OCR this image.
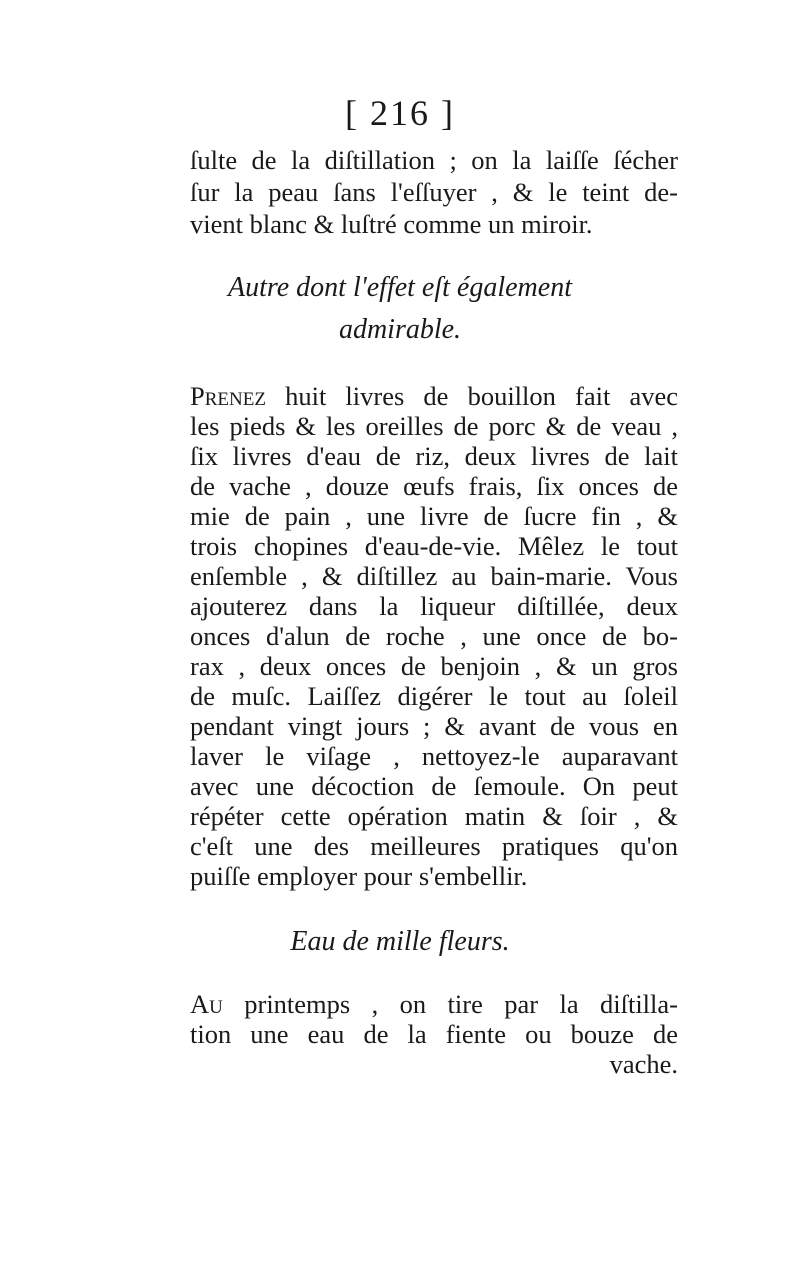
[ 216 ]
ſulte de la diſtillation ; on la laiſſe ſécher
ſur la peau ſans l'eſſuyer , & le teint de-
vient blanc & luſtré comme un miroir.
Autre dont l'effet eſt également
admirable.
Prenez huit livres de bouillon fait avec
les pieds & les oreilles de porc & de veau ,
ſix livres d'eau de riz, deux livres de lait
de vache , douze œufs frais, ſix onces de
mie de pain , une livre de ſucre fin , &
trois chopines d'eau-de-vie. Mêlez le tout
enſemble , & diſtillez au bain-marie. Vous
ajouterez dans la liqueur diſtillée, deux
onces d'alun de roche , une once de bo-
rax , deux onces de benjoin , & un gros
de muſc. Laiſſez digérer le tout au ſoleil
pendant vingt jours ; & avant de vous en
laver le viſage , nettoyez-le auparavant
avec une décoction de ſemoule. On peut
répéter cette opération matin & ſoir , &
c'eſt une des meilleures pratiques qu'on
puiſſe employer pour s'embellir.
Eau de mille fleurs.
Au printemps , on tire par la diſtilla-
tion une eau de la fiente ou bouze de
vache.
